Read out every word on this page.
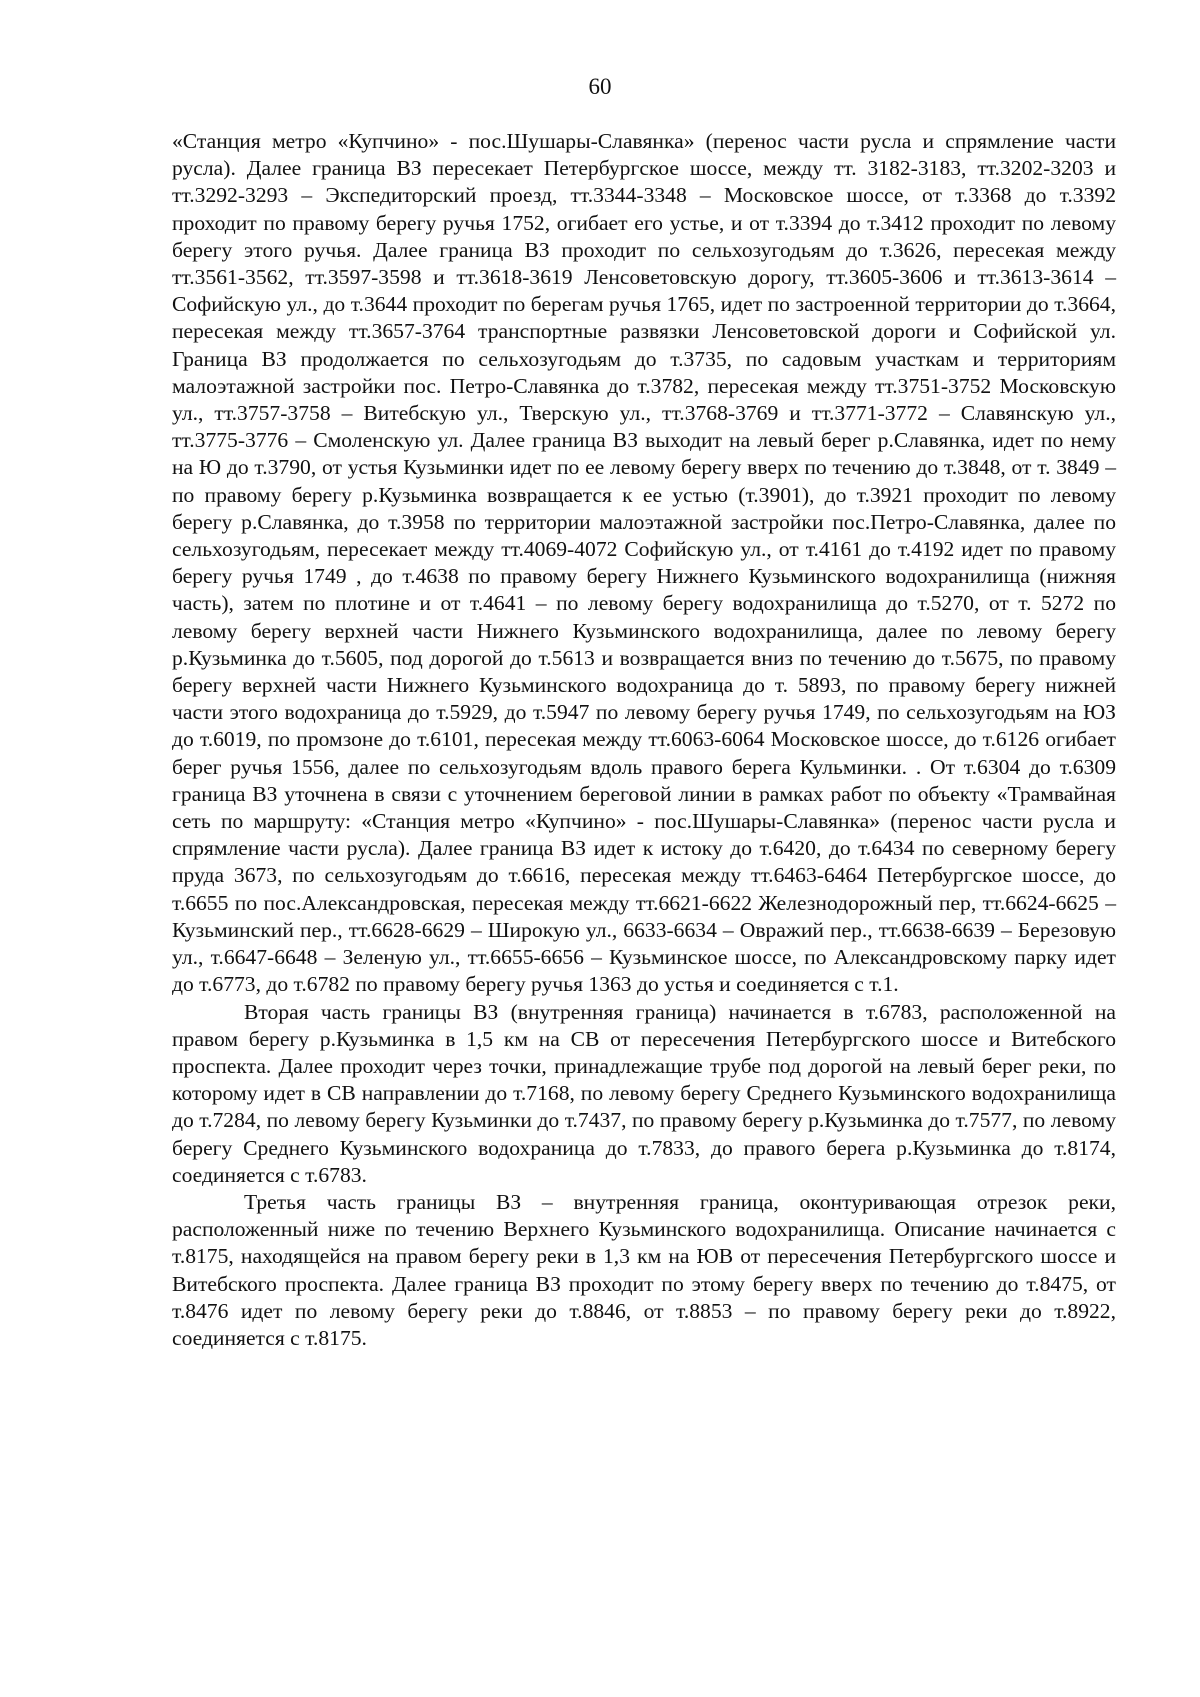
60

«Станция метро «Купчино» - пос.Шушары-Славянка» (перенос части русла и спрямление части русла). Далее граница ВЗ пересекает Петербургское шоссе, между тт. 3182-3183, тт.3202-3203 и тт.3292-3293 – Экспедиторский проезд, тт.3344-3348 – Московское шоссе, от т.3368 до т.3392 проходит по правому берегу ручья 1752, огибает его устье, и от т.3394 до т.3412 проходит по левому берегу этого ручья. Далее граница ВЗ проходит по сельхозугодьям до т.3626, пересекая между тт.3561-3562, тт.3597-3598 и тт.3618-3619 Ленсоветовскую дорогу, тт.3605-3606 и тт.3613-3614 – Софийскую ул., до т.3644 проходит по берегам ручья 1765, идет по застроенной территории до т.3664, пересекая между тт.3657-3764 транспортные развязки Ленсоветовской дороги и Софийской ул. Граница ВЗ продолжается по сельхозугодьям до т.3735, по садовым участкам и территориям малоэтажной застройки пос. Петро-Славянка до т.3782, пересекая между тт.3751-3752 Московскую ул., тт.3757-3758 – Витебскую ул., Тверскую ул., тт.3768-3769 и тт.3771-3772 – Славянскую ул., тт.3775-3776 – Смоленскую ул. Далее граница ВЗ выходит на левый берег р.Славянка, идет по нему на Ю до т.3790, от устья Кузьминки идет по ее левому берегу вверх по течению до т.3848, от т. 3849 – по правому берегу р.Кузьминка возвращается к ее устью (т.3901), до т.3921 проходит по левому берегу р.Славянка, до т.3958 по территории малоэтажной застройки пос.Петро-Славянка, далее по сельхозугодьям, пересекает между тт.4069-4072 Софийскую ул., от т.4161 до т.4192 идет по правому берегу ручья 1749 , до т.4638 по правому берегу Нижнего Кузьминского водохранилища (нижняя часть), затем по плотине и от т.4641 – по левому берегу водохранилища до т.5270, от т. 5272 по левому берегу верхней части Нижнего Кузьминского водохранилища, далее по левому берегу р.Кузьминка до т.5605, под дорогой до т.5613 и возвращается вниз по течению до т.5675, по правому берегу верхней части Нижнего Кузьминского водохраница до т. 5893, по правому берегу нижней части этого водохраница до т.5929, до т.5947 по левому берегу ручья 1749, по сельхозугодьям на ЮЗ до т.6019, по промзоне до т.6101, пересекая между тт.6063-6064 Московское шоссе, до т.6126 огибает берег ручья 1556, далее по сельхозугодьям вдоль правого берега Кульминки. . От т.6304 до т.6309 граница ВЗ уточнена в связи с уточнением береговой линии в рамках работ по объекту «Трамвайная сеть по маршруту: «Станция метро «Купчино» - пос.Шушары-Славянка» (перенос части русла и спрямление части русла). Далее граница ВЗ идет к истоку до т.6420, до т.6434 по северному берегу пруда 3673, по сельхозугодьям до т.6616, пересекая между тт.6463-6464 Петербургское шоссе, до т.6655 по пос.Александровская, пересекая между тт.6621-6622 Железнодорожный пер, тт.6624-6625 – Кузьминский пер., тт.6628-6629 – Широкую ул., 6633-6634 – Овражий пер., тт.6638-6639 – Березовую ул., т.6647-6648 – Зеленую ул., тт.6655-6656 – Кузьминское шоссе, по Александровскому парку идет до т.6773, до т.6782 по правому берегу ручья 1363 до устья и соединяется с т.1.

Вторая часть границы ВЗ (внутренняя граница) начинается в т.6783, расположенной на правом берегу р.Кузьминка в 1,5 км на СВ от пересечения Петербургского шоссе и Витебского проспекта. Далее проходит через точки, принадлежащие трубе под дорогой на левый берег реки, по которому идет в СВ направлении до т.7168, по левому берегу Среднего Кузьминского водохранилища до т.7284, по левому берегу Кузьминки до т.7437, по правому берегу р.Кузьминка до т.7577, по левому берегу Среднего Кузьминского водохраница до т.7833, до правого берега р.Кузьминка до т.8174, соединяется с т.6783.

Третья часть границы ВЗ – внутренняя граница, оконтуривающая отрезок реки, расположенный ниже по течению Верхнего Кузьминского водохранилища. Описание начинается с т.8175, находящейся на правом берегу реки в 1,3 км на ЮВ от пересечения Петербургского шоссе и Витебского проспекта. Далее граница ВЗ проходит по этому берегу вверх по течению до т.8475, от т.8476 идет по левому берегу реки до т.8846, от т.8853 – по правому берегу реки до т.8922, соединяется с т.8175.
